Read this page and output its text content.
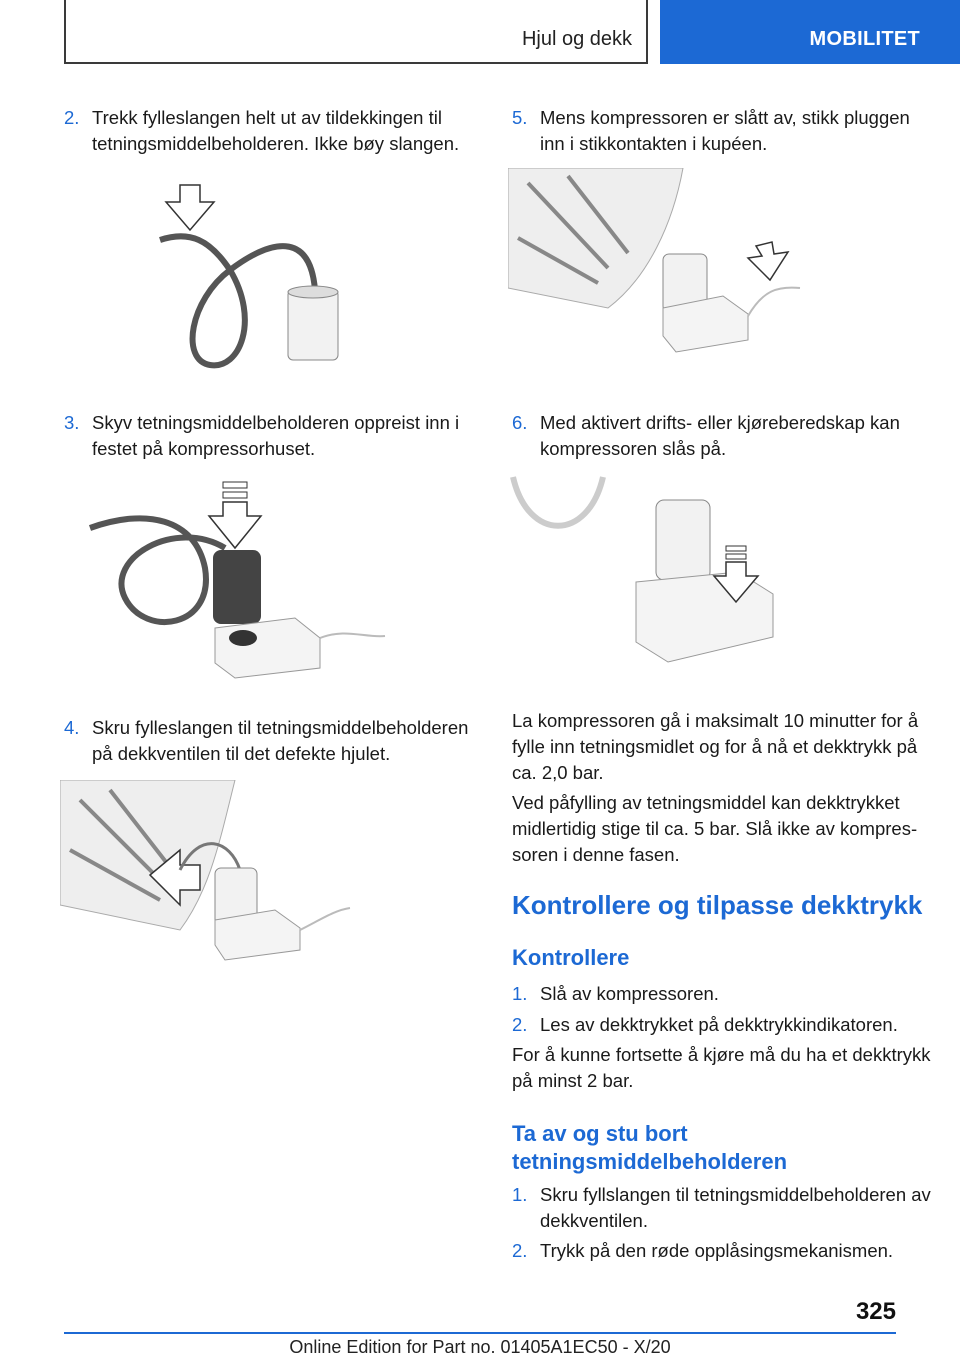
Hjul og dekk	MOBILITET
2. Trekk fylleslangen helt ut av tildekkingen til tetningsmiddelbeholderen. Ikke bøy slangen.
3. Skyv tetningsmiddelbeholderen oppreist inn i festet på kompressorhuset.
4. Skru fylleslangen til tetningsmiddelbeholderen på dekkventilen til det defekte hjulet.
5. Mens kompressoren er slått av, stikk pluggen inn i stikkontakten i kupéen.
6. Med aktivert drifts- eller kjøreberedskap kan kompressoren slås på.
La kompressoren gå i maksimalt 10 minutter for å fylle inn tetningsmidlet og for å nå et dekktrykk på ca. 2,0 bar.
Ved påfylling av tetningsmiddel kan dekktrykket midlertidig stige til ca. 5 bar. Slå ikke av kompressoren i denne fasen.
Kontrollere og tilpasse dekktrykk
Kontrollere
1. Slå av kompressoren.
2. Les av dekktrykket på dekktrykkindikatoren.
For å kunne fortsette å kjøre må du ha et dekktrykk på minst 2 bar.
Ta av og stu bort tetningsmiddelbeholderen
1. Skru fyllslangen til tetningsmiddelbeholderen av dekkventilen.
2. Trykk på den røde opplåsingsmekanismen.
325
Online Edition for Part no. 01405A1EC50 - X/20
